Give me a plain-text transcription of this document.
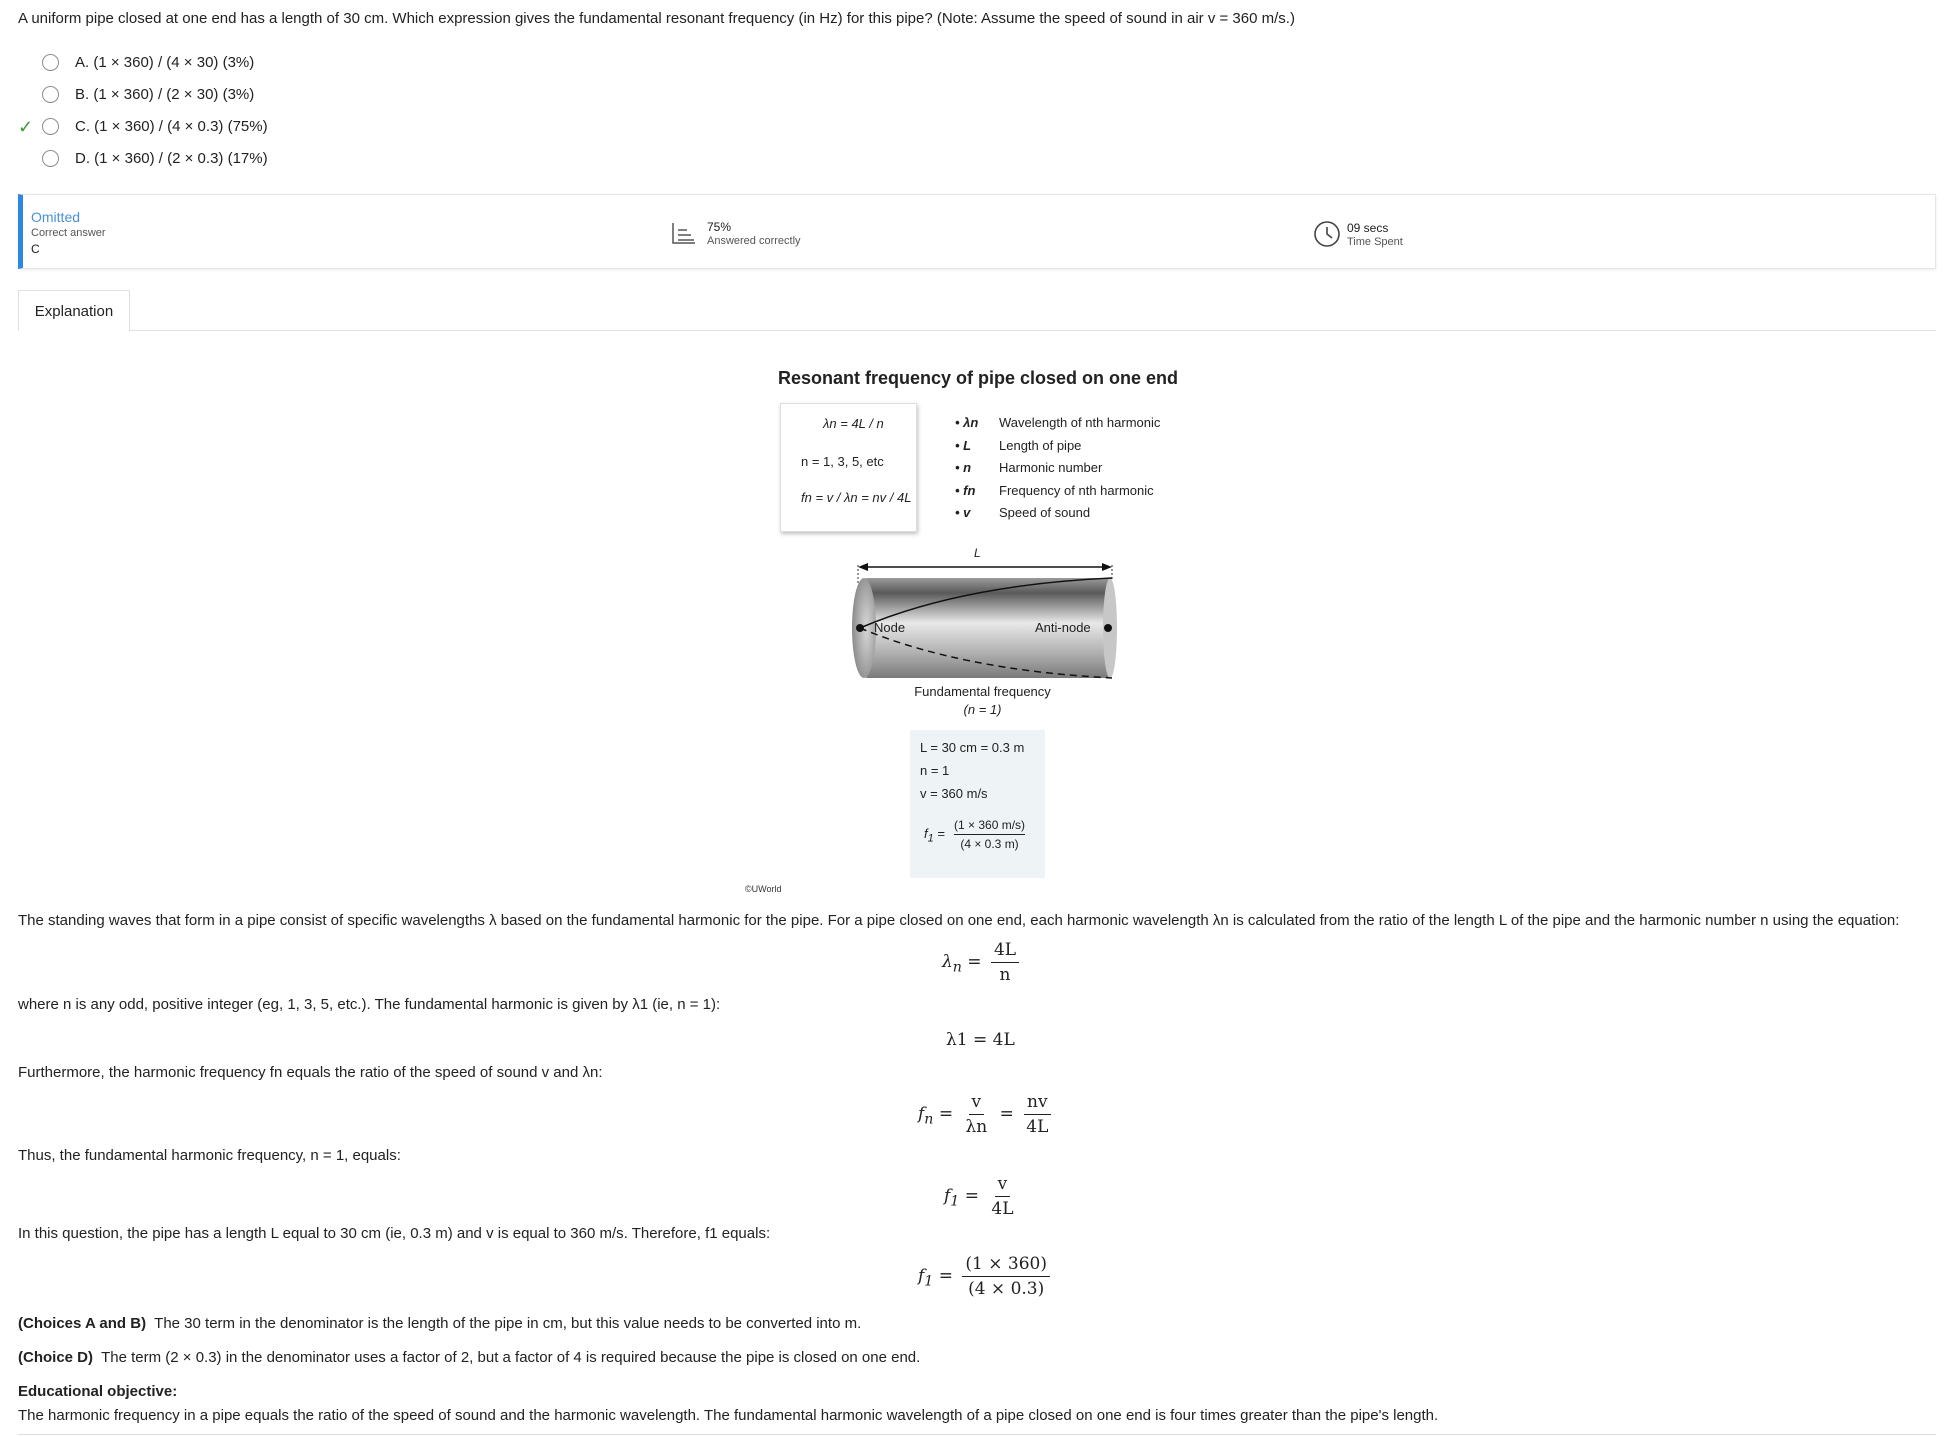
A uniform pipe closed at one end has a length of 30 cm. Which expression gives the fundamental resonant frequency (in Hz) for this pipe? (Note: Assume the speed of sound in air v = 360 m/s.)
A. (1 × 360) / (4 × 30) (3%)
B. (1 × 360) / (2 × 30) (3%)
✓	C. (1 × 360) / (4 × 0.3) (75%)
D. (1 × 360) / (2 × 0.3) (17%)
Omitted
Correct answer
C
75%
Answered correctly
09 secs
Time Spent
Explanation
Resonant frequency of pipe closed on one end
λn = 4L / n
n = 1, 3, 5, etc
fn = v / λn = nv / 4L
• λn	Wavelength of nth harmonic
• L	Length of pipe
• n	Harmonic number
• fn	Frequency of nth harmonic
• v	Speed of sound
L
Node	Anti-node
Fundamental frequency
(n = 1)
L = 30 cm = 0.3 m
n = 1
v = 360 m/s
$f_1 = \frac{(1 \times 360 m/s)}{(4 \times 0.3 m)}$
©UWorld
The standing waves that form in a pipe consist of specific wavelengths λ based on the fundamental harmonic for the pipe. For a pipe closed on one end, each harmonic wavelength λn is calculated from the ratio of the length L of the pipe and the harmonic number n using the equation:
$\lambda_n = \frac{4L}{n}$
where n is any odd, positive integer (eg, 1, 3, 5, etc.). The fundamental harmonic is given by λ1 (ie, n = 1):
λ1 = 4L
Furthermore, the harmonic frequency fn equals the ratio of the speed of sound v and λn:
$f_n = \frac{v}{\lambda n} = \frac{nv}{4L}$
Thus, the fundamental harmonic frequency, n = 1, equals:
$f_1 = \frac{v}{4L}$
In this question, the pipe has a length L equal to 30 cm (ie, 0.3 m) and v is equal to 360 m/s. Therefore, f1 equals:
$f_1 = \frac{(1 \times 360)}{(4 \times 0.3)}$
(Choices A and B) The 30 term in the denominator is the length of the pipe in cm, but this value needs to be converted into m.
(Choice D) The term (2 × 0.3) in the denominator uses a factor of 2, but a factor of 4 is required because the pipe is closed on one end.
Educational objective:
The harmonic frequency in a pipe equals the ratio of the speed of sound and the harmonic wavelength. The fundamental harmonic wavelength of a pipe closed on one end is four times greater than the pipe's length.
